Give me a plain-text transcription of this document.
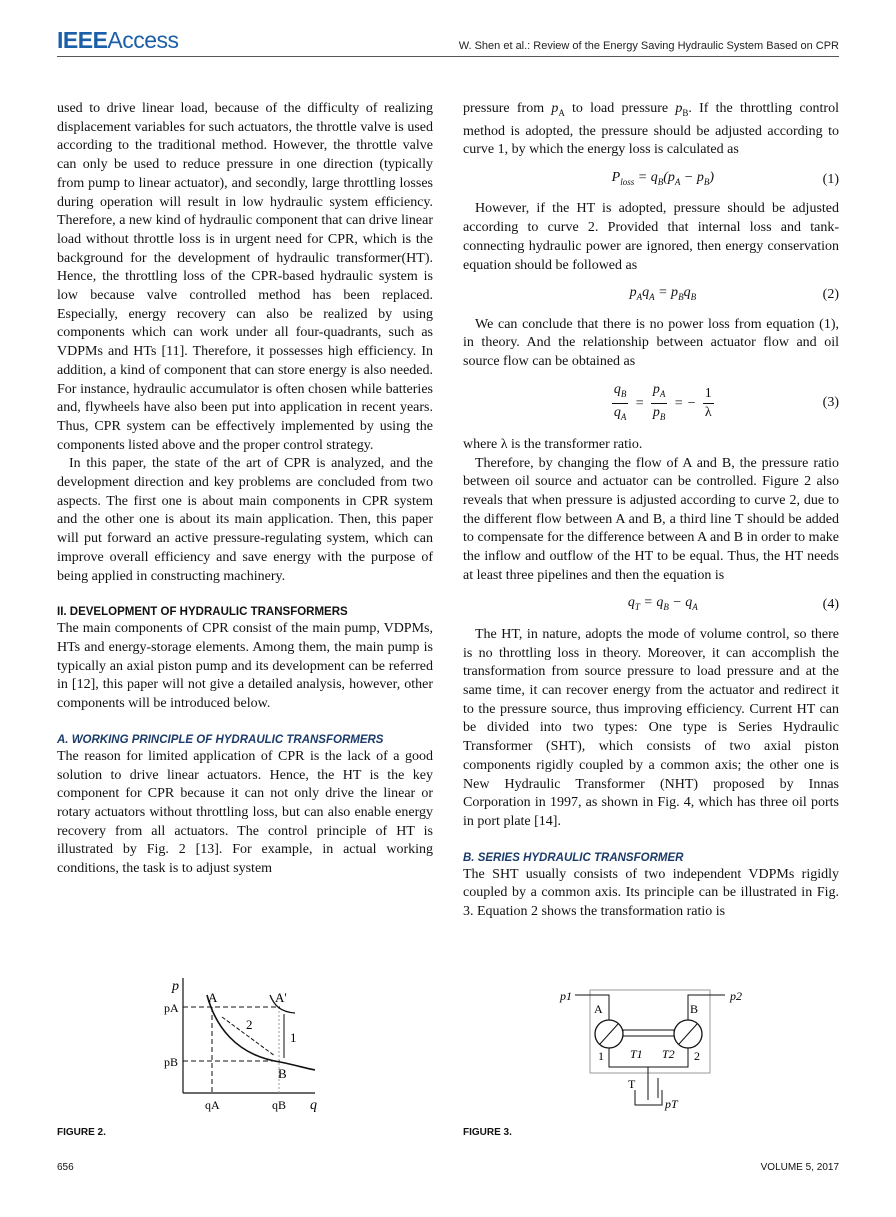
IEEEAccess	W. Shen et al.: Review of the Energy Saving Hydraulic System Based on CPR

used to drive linear load, because of the difficulty of realizing displacement variables for such actuators, the throttle valve is used according to the traditional method. However, the throttle valve can only be used to reduce pressure in one direction (typically from pump to linear actuator), and secondly, large throttling losses during operation will result in low hydraulic system efficiency. Therefore, a new kind of hydraulic component that can drive linear load without throttle loss is in urgent need for CPR, which is the background for the development of hydraulic transformer(HT). Hence, the throttling loss of the CPR-based hydraulic system is low because valve controlled method has been replaced. Especially, energy recovery can also be realized by using components which can work under all four-quadrants, such as VDPMs and HTs [11]. Therefore, it possesses high efficiency. In addition, a kind of component that can store energy is also needed. For instance, hydraulic accumulator is often chosen while batteries and, flywheels have also been put into application in recent years. Thus, CPR system can be effectively implemented by using the components listed above and the proper control strategy.

In this paper, the state of the art of CPR is analyzed, and the development direction and key problems are concluded from two aspects. The first one is about main components in CPR system and the other one is about its main application. Then, this paper will put forward an active pressure-regulating system, which can improve overall efficiency and save energy with the purpose of being applied in constructing machinery.

II. DEVELOPMENT OF HYDRAULIC TRANSFORMERS

The main components of CPR consist of the main pump, VDPMs, HTs and energy-storage elements. Among them, the main pump is typically an axial piston pump and its development can be referred in [12], this paper will not give a detailed analysis, however, other components will be introduced below.

A. WORKING PRINCIPLE OF HYDRAULIC TRANSFORMERS

The reason for limited application of CPR is the lack of a good solution to drive linear actuators. Hence, the HT is the key component for CPR because it can not only drive the linear or rotary actuators without throttling loss, but can also enable energy recovery from all actuators. The control principle of HT is illustrated by Fig. 2 [13]. For example, in actual working conditions, the task is to adjust system

pressure from $p_A$ to load pressure $p_B$. If the throttling control method is adopted, the pressure should be adjusted according to curve 1, by which the energy loss is calculated as

$P_{loss} = q_B(p_A - p_B)$	(1)

However, if the HT is adopted, pressure should be adjusted according to curve 2. Provided that internal loss and tank-connecting hydraulic power are ignored, then energy conservation equation should be followed as

$p_Aq_A = p_Bq_B$	(2)

We can conclude that there is no power loss from equation (1), in theory. And the relationship between actuator flow and oil source flow can be obtained as

$\frac{q_B}{q_A} = \frac{p_A}{p_B}$ = − $\frac{1}{\lambda}$	(3)

where λ is the transformer ratio.

Therefore, by changing the flow of A and B, the pressure ratio between oil source and actuator can be controlled. Figure 2 also reveals that when pressure is adjusted according to curve 2, due to the different flow between A and B, a third line T should be added to compensate for the difference between A and B in order to make the inflow and outflow of the HT to be equal. Thus, the HT needs at least three pipelines and then the equation is

$q_T = q_B - q_A$	(4)

The HT, in nature, adopts the mode of volume control, so there is no throttling loss in theory. Moreover, it can accomplish the transformation from source pressure to load pressure and at the same time, it can recover energy from the actuator and redirect it to the pressure source, thus improving efficiency. Current HT can be divided into two types: One type is Series Hydraulic Transformer (SHT), which consists of two axial piston components rigidly coupled by a common axis; the other one is New Hydraulic Transformer (NHT) proposed by Innas Corporation in 1997, as shown in Fig. 4, which has three oil ports in port plate [14].

B. SERIES HYDRAULIC TRANSFORMER

The SHT usually consists of two independent VDPMs rigidly coupled by a common axis. Its principle can be illustrated in Fig. 3. Equation 2 shows the transformation ratio is

p
pA
pB
A	A'
2
1
B
qA	qB q
p1	p2
A	B
1	2
T1 T2
T
pT
FIGURE 2.	FIGURE 3.
656	VOLUME 5, 2017
